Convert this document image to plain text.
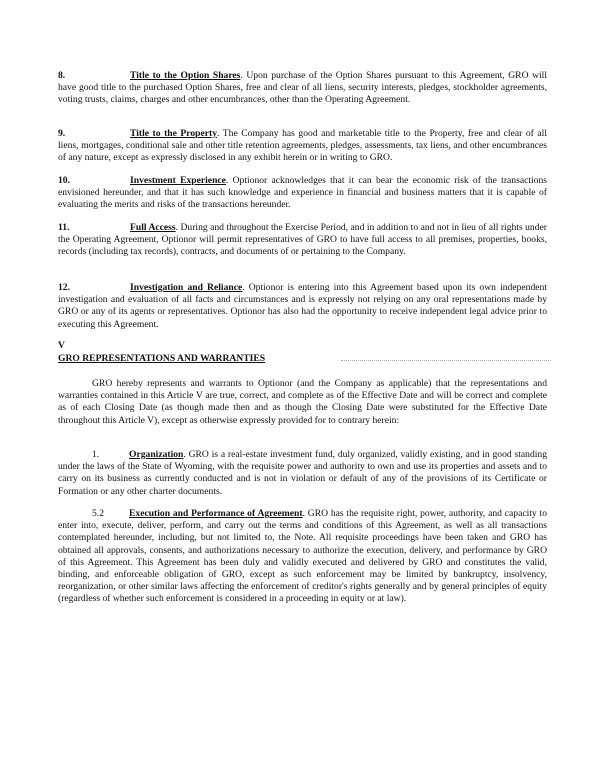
8.	Title to the Option Shares. Upon purchase of the Option Shares pursuant to this Agreement, GRO will have good title to the purchased Option Shares, free and clear of all liens, security interests, pledges, stockholder agreements, voting trusts, claims, charges and other encumbrances, other than the Operating Agreement.

9.	Title to the Property. The Company has good and marketable title to the Property, free and clear of all liens, mortgages, conditional sale and other title retention agreements, pledges, assessments, tax liens, and other encumbrances of any nature, except as expressly disclosed in any exhibit herein or in writing to GRO.

10.	Investment Experience. Optionor acknowledges that it can bear the economic risk of the transactions envisioned hereunder, and that it has such knowledge and experience in financial and business matters that it is capable of evaluating the merits and risks of the transactions hereunder.

11.	Full Access. During and throughout the Exercise Period, and in addition to and not in lieu of all rights under the Operating Agreement, Optionor will permit representatives of GRO to have full access to all premises, properties, books, records (including tax records), contracts, and documents of or pertaining to the Company.

12.	Investigation and Reliance. Optionor is entering into this Agreement based upon its own independent investigation and evaluation of all facts and circumstances and is expressly not relying on any oral representations made by GRO or any of its agents or representatives. Optionor has also had the opportunity to receive independent legal advice prior to executing this Agreement.

V
GRO REPRESENTATIONS AND WARRANTIES

GRO hereby represents and warrants to Optionor (and the Company as applicable) that the representations and warranties contained in this Article V are true, correct, and complete as of the Effective Date and will be correct and complete as of each Closing Date (as though made then and as though the Closing Date were substituted for the Effective Date throughout this Article V), except as otherwise expressly provided for to contrary herein:

1.	Organization. GRO is a real-estate investment fund, duly organized, validly existing, and in good standing under the laws of the State of Wyoming, with the requisite power and authority to own and use its properties and assets and to carry on its business as currently conducted and is not in violation or default of any of the provisions of its Certificate or Formation or any other charter documents.

5.2	Execution and Performance of Agreement. GRO has the requisite right, power, authority, and capacity to enter into, execute, deliver, perform, and carry out the terms and conditions of this Agreement, as well as all transactions contemplated hereunder, including, but not limited to, the Note. All requisite proceedings have been taken and GRO has obtained all approvals, consents, and authorizations necessary to authorize the execution, delivery, and performance by GRO of this Agreement. This Agreement has been duly and validly executed and delivered by GRO and constitutes the valid, binding, and enforceable obligation of GRO, except as such enforcement may be limited by bankruptcy, insolvency, reorganization, or other similar laws affecting the enforcement of creditor's rights generally and by general principles of equity (regardless of whether such enforcement is considered in a proceeding in equity or at law).
